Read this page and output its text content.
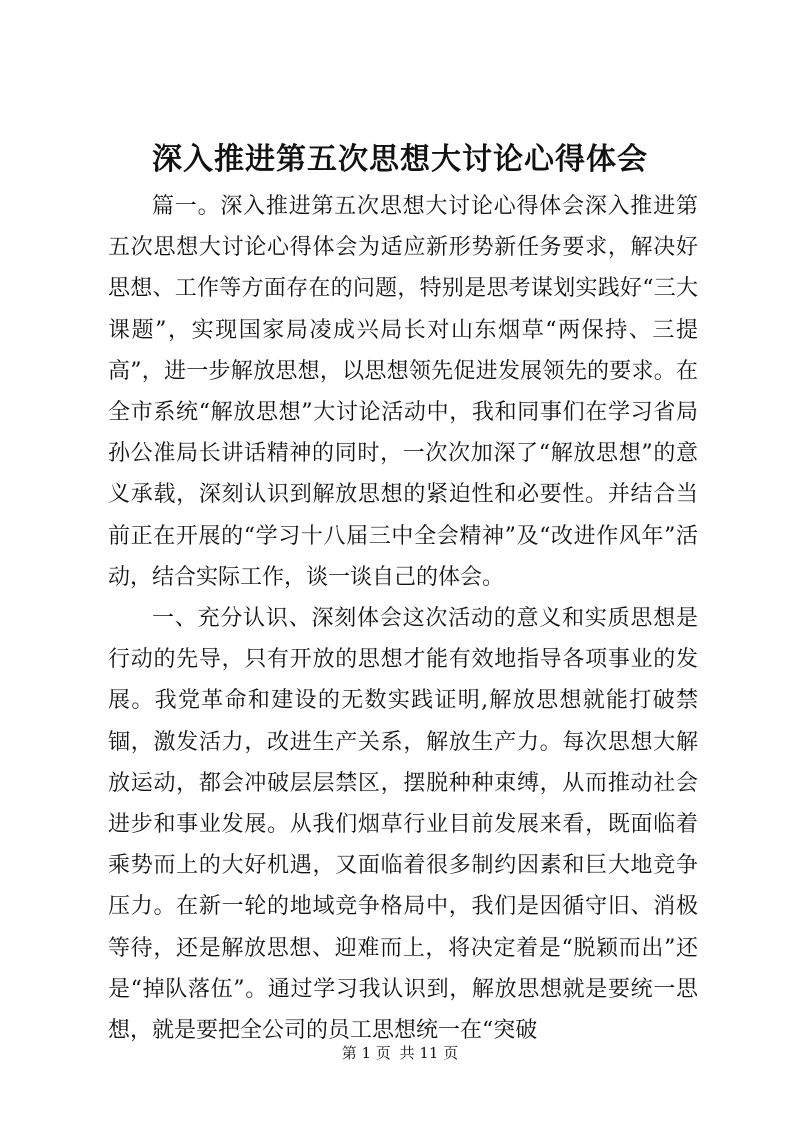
深入推进第五次思想大讨论心得体会

篇一。深入推进第五次思想大讨论心得体会深入推进第五次思想大讨论心得体会为适应新形势新任务要求，解决好思想、工作等方面存在的问题，特别是思考谋划实践好“三大课题”，实现国家局凌成兴局长对山东烟草“两保持、三提高”，进一步解放思想，以思想领先促进发展领先的要求。在全市系统“解放思想”大讨论活动中，我和同事们在学习省局孙公准局长讲话精神的同时，一次次加深了“解放思想”的意义承载，深刻认识到解放思想的紧迫性和必要性。并结合当前正在开展的“学习十八届三中全会精神”及“改进作风年”活动，结合实际工作，谈一谈自己的体会。

一、充分认识、深刻体会这次活动的意义和实质思想是行动的先导，只有开放的思想才能有效地指导各项事业的发展。我党革命和建设的无数实践证明,解放思想就能打破禁锢，激发活力，改进生产关系，解放生产力。每次思想大解放运动，都会冲破层层禁区，摆脱种种束缚，从而推动社会进步和事业发展。从我们烟草行业目前发展来看，既面临着乘势而上的大好机遇，又面临着很多制约因素和巨大地竞争压力。在新一轮的地域竞争格局中，我们是因循守旧、消极等待，还是解放思想、迎难而上，将决定着是“脱颖而出”还是“掉队落伍”。通过学习我认识到，解放思想就是要统一思想，就是要把全公司的员工思想统一在“突破

第 1 页 共 11 页
